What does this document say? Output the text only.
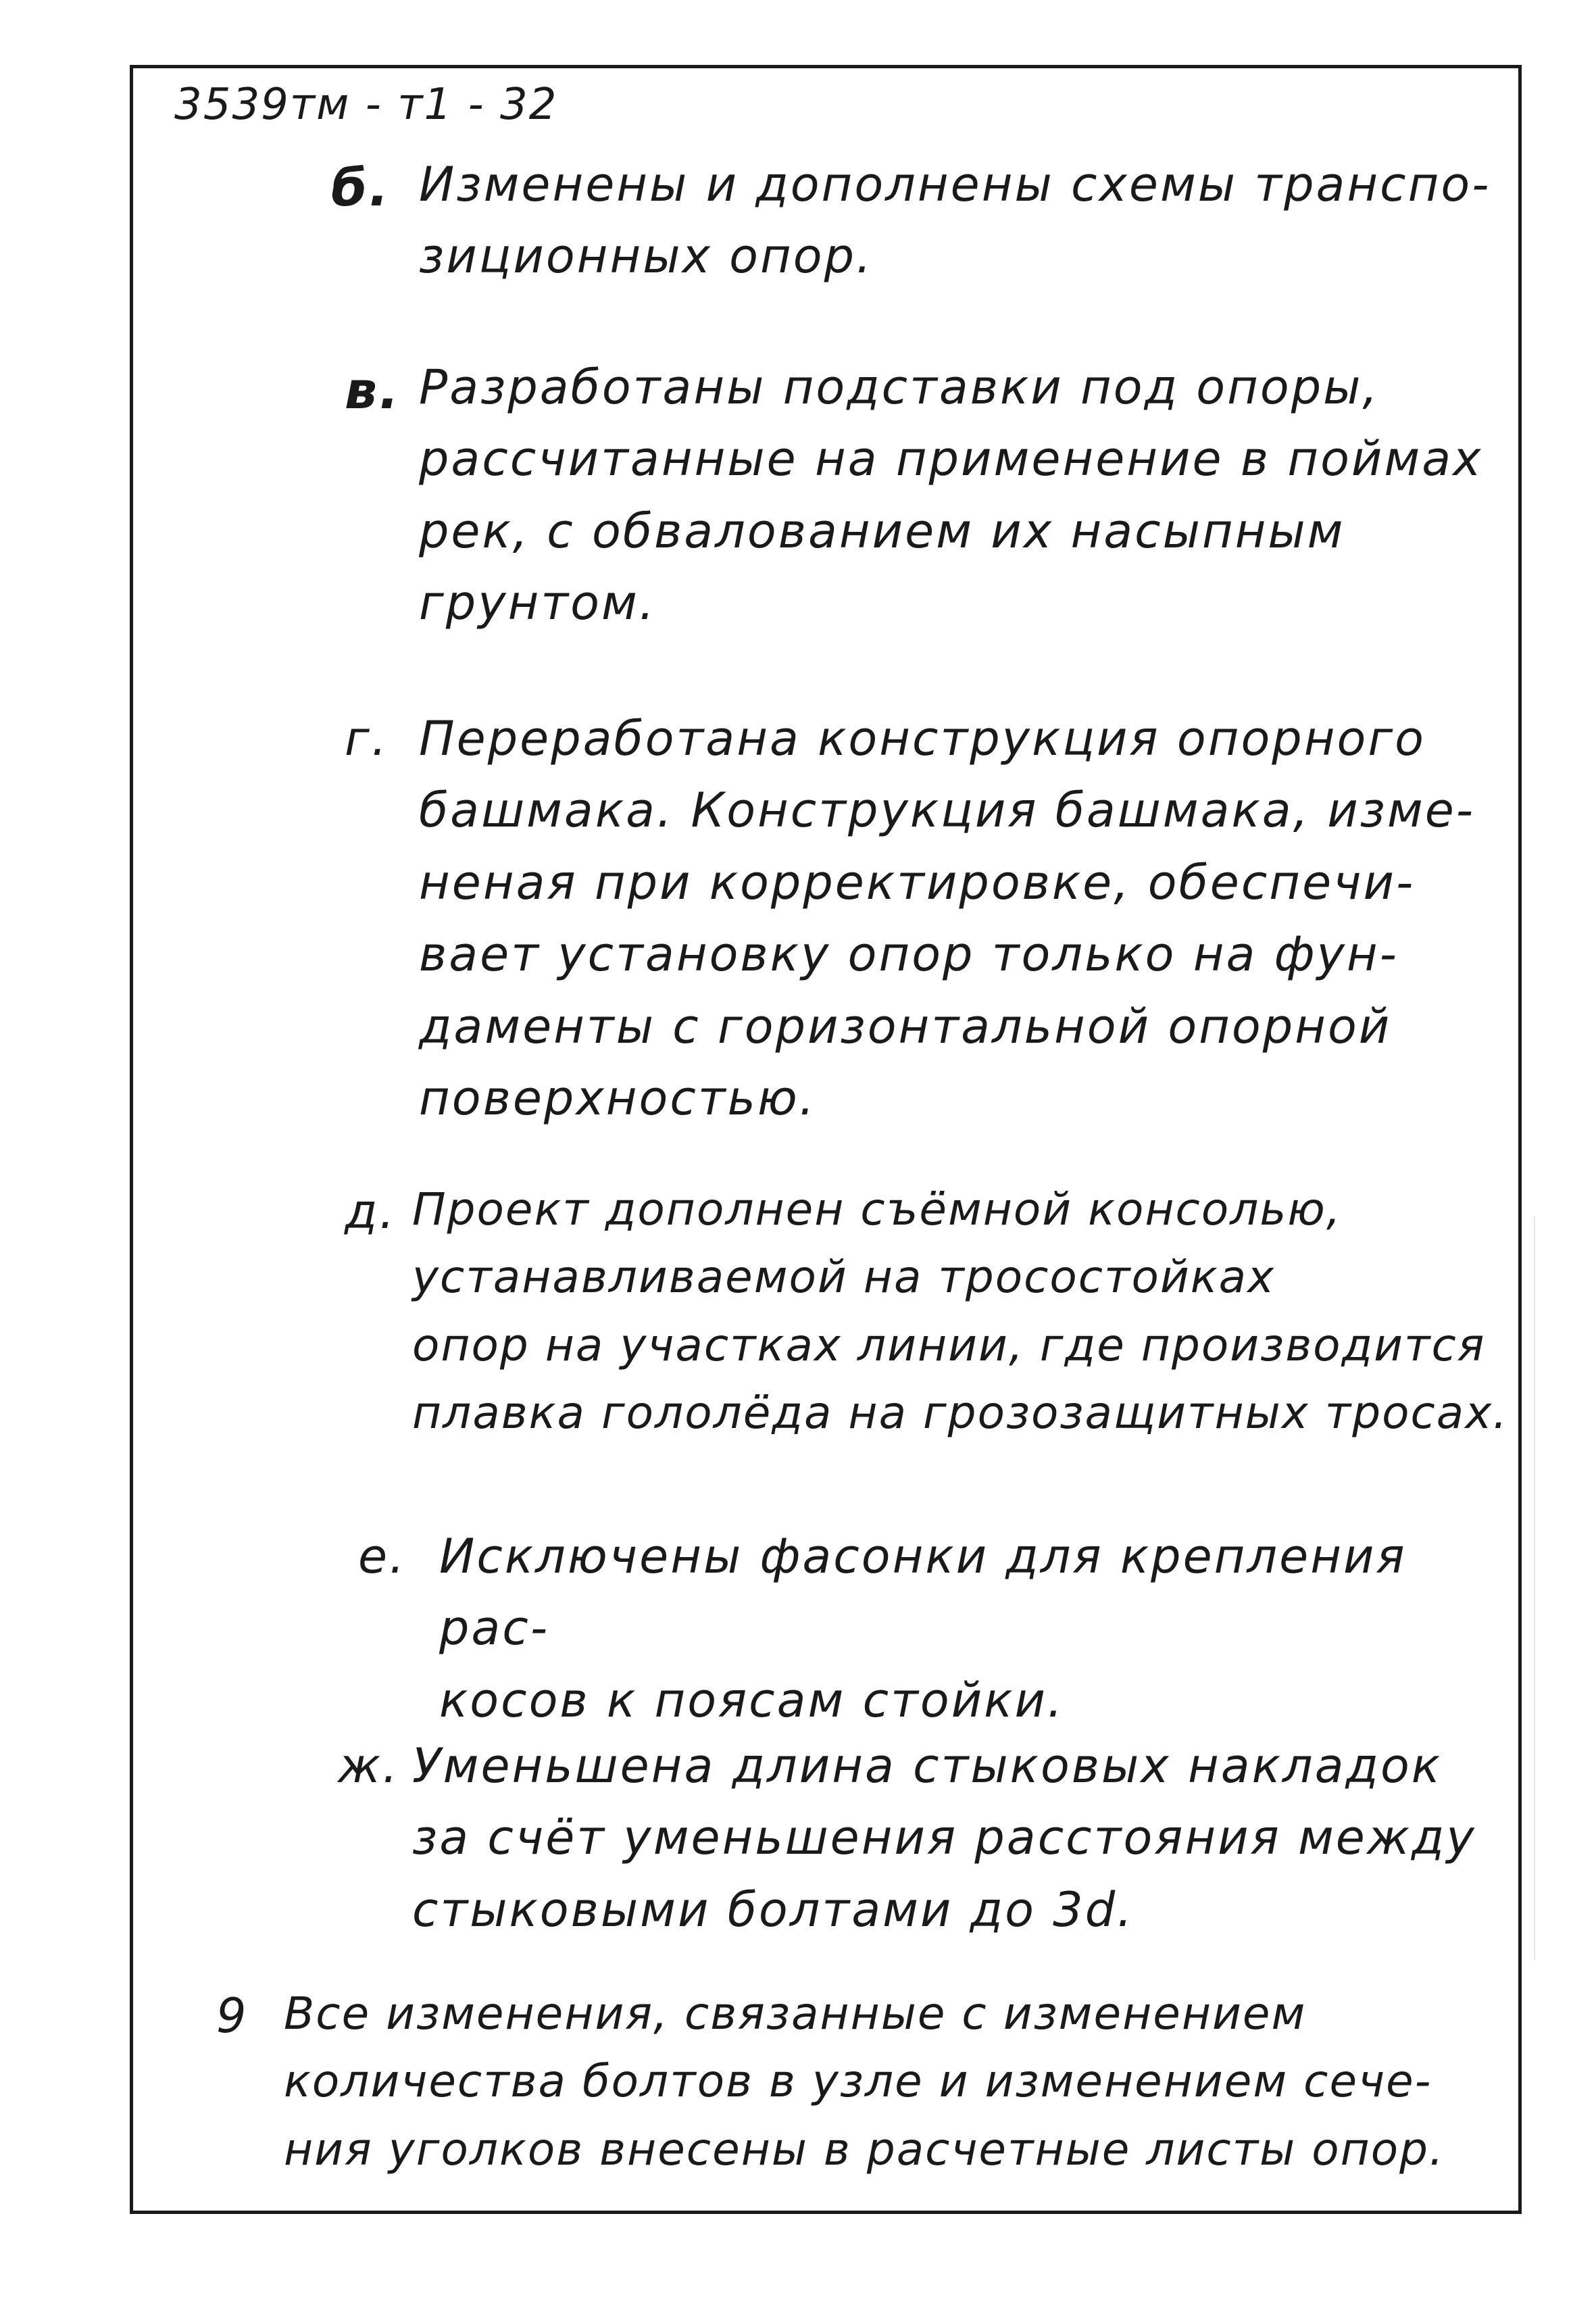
3539тм - т1 - 32
б. Изменены и дополнены схемы транспо-
зиционных опор.
в. Разработаны подставки под опоры,
рассчитанные на применение в поймах
рек, с обвалованием их насыпным
грунтом.
г. Переработана конструкция опорного
башмака. Конструкция башмака, изме-
неная при корректировке, обеспечи-
вает установку опор только на фун-
даменты с горизонтальной опорной
поверхностью.
д. Проект дополнен съёмной консолью,
устанавливаемой на тросостойках
опор на участках линии, где производится
плавка гололёда на грозозащитных тросах.
е. Исключены фасонки для крепления рас-
косов к поясам стойки.
ж. Уменьшена длина стыковых накладок
за счёт уменьшения расстояния между
стыковыми болтами до 3d.
9 Все изменения, связанные с изменением
количества болтов в узле и изменением сече-
ния уголков внесены в расчетные листы опор.
